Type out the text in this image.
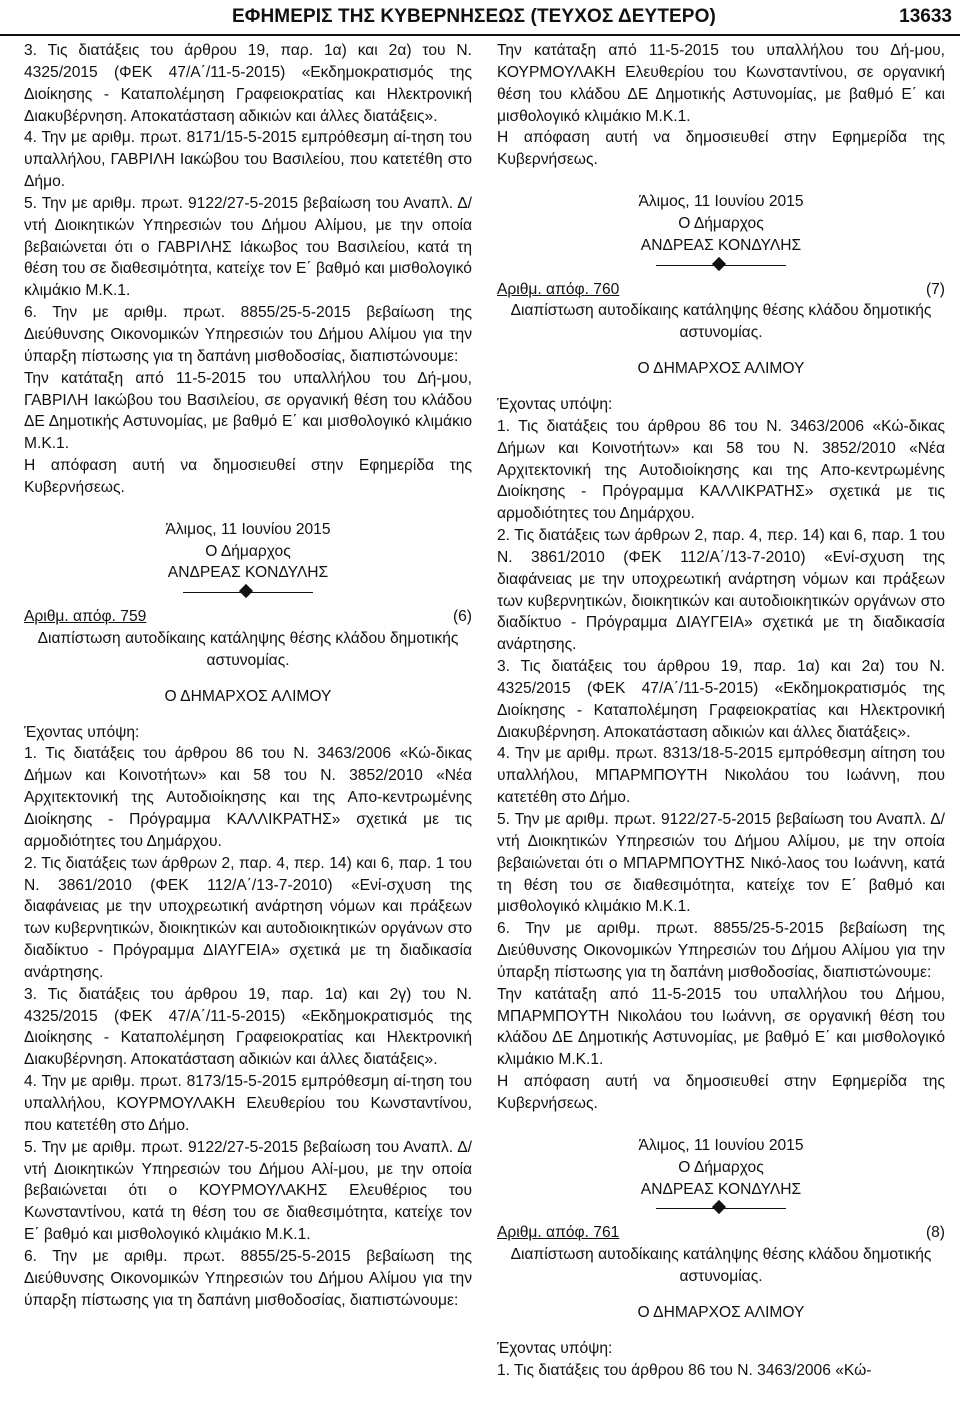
ΕΦΗΜΕΡΙΣ ΤΗΣ ΚΥΒΕΡΝΗΣΕΩΣ (ΤΕΥΧΟΣ ΔΕΥΤΕΡΟ)	13633

3. Τις διατάξεις του άρθρου 19, παρ. 1α) και 2α) του Ν. 4325/2015 (ΦΕΚ 47/Α΄/11-5-2015) «Εκδημοκρατισμός της Διοίκησης - Καταπολέμηση Γραφειοκρατίας και Ηλεκτρονική Διακυβέρνηση. Αποκατάσταση αδικιών και άλλες διατάξεις».

4. Την με αριθμ. πρωτ. 8171/15-5-2015 εμπρόθεσμη αί-τηση του υπαλλήλου, ΓΑΒΡΙΛΗ Ιακώβου του Βασιλείου, που κατετέθη στο Δήμο.

5. Την με αριθμ. πρωτ. 9122/27-5-2015 βεβαίωση του Αναπλ. Δ/ντή Διοικητικών Υπηρεσιών του Δήμου Αλίμου, με την οποία βεβαιώνεται ότι ο ΓΑΒΡΙΛΗΣ Ιάκωβος του Βασιλείου, κατά τη θέση του σε διαθεσιμότητα, κατείχε τον Ε΄ βαθμό και μισθολογικό κλιμάκιο Μ.Κ.1.

6. Την με αριθμ. πρωτ. 8855/25-5-2015 βεβαίωση της Διεύθυνσης Οικονομικών Υπηρεσιών του Δήμου Αλίμου για την ύπαρξη πίστωσης για τη δαπάνη μισθοδοσίας, διαπιστώνουμε:

Την κατάταξη από 11-5-2015 του υπαλλήλου του Δή-μου, ΓΑΒΡΙΛΗ Ιακώβου του Βασιλείου, σε οργανική θέση του κλάδου ΔΕ Δημοτικής Αστυνομίας, με βαθμό Ε΄ και μισθολογικό κλιμάκιο Μ.Κ.1.

Η απόφαση αυτή να δημοσιευθεί στην Εφημερίδα της Κυβερνήσεως.

Άλιμος, 11 Ιουνίου 2015

Ο Δήμαρχος

ΑΝΔΡΕΑΣ ΚΟΝΔΥΛΗΣ

Αριθμ. απόφ. 759	(6)

Διαπίστωση αυτοδίκαιης κατάληψης θέσης κλάδου δημοτικής αστυνομίας.

Ο ΔΗΜΑΡΧΟΣ ΑΛΙΜΟΥ

Έχοντας υπόψη:

1. Τις διατάξεις του άρθρου 86 του Ν. 3463/2006 «Κώ-δικας Δήμων και Κοινοτήτων» και 58 του Ν. 3852/2010 «Νέα Αρχιτεκτονική της Αυτοδιοίκησης και της Απο-κεντρωμένης Διοίκησης - Πρόγραμμα ΚΑΛΛΙΚΡΑΤΗΣ» σχετικά με τις αρμοδιότητες του Δημάρχου.

2. Τις διατάξεις των άρθρων 2, παρ. 4, περ. 14) και 6, παρ. 1 του Ν. 3861/2010 (ΦΕΚ 112/Α΄/13-7-2010) «Ενί-σχυση της διαφάνειας με την υποχρεωτική ανάρτηση νόμων και πράξεων των κυβερνητικών, διοικητικών και αυτοδιοικητικών οργάνων στο διαδίκτυο - Πρόγραμμα ΔΙΑΥΓΕΙΑ» σχετικά με τη διαδικασία ανάρτησης.

3. Τις διατάξεις του άρθρου 19, παρ. 1α) και 2γ) του Ν. 4325/2015 (ΦΕΚ 47/Α΄/11-5-2015) «Εκδημοκρατισμός της Διοίκησης - Καταπολέμηση Γραφειοκρατίας και Ηλεκτρονική Διακυβέρνηση. Αποκατάσταση αδικιών και άλλες διατάξεις».

4. Την με αριθμ. πρωτ. 8173/15-5-2015 εμπρόθεσμη αί-τηση του υπαλλήλου, ΚΟΥΡΜΟΥΛΑΚΗ Ελευθερίου του Κωνσταντίνου, που κατετέθη στο Δήμο.

5. Την με αριθμ. πρωτ. 9122/27-5-2015 βεβαίωση του Αναπλ. Δ/ντή Διοικητικών Υπηρεσιών του Δήμου Αλί-μου, με την οποία βεβαιώνεται ότι ο ΚΟΥΡΜΟΥΛΑΚΗΣ Ελευθέριος του Κωνσταντίνου, κατά τη θέση του σε διαθεσιμότητα, κατείχε τον Ε΄ βαθμό και μισθολογικό κλιμάκιο Μ.Κ.1.

6. Την με αριθμ. πρωτ. 8855/25-5-2015 βεβαίωση της Διεύθυνσης Οικονομικών Υπηρεσιών του Δήμου Αλίμου για την ύπαρξη πίστωσης για τη δαπάνη μισθοδοσίας, διαπιστώνουμε:

Την κατάταξη από 11-5-2015 του υπαλλήλου του Δή-μου, ΚΟΥΡΜΟΥΛΑΚΗ Ελευθερίου του Κωνσταντίνου, σε οργανική θέση του κλάδου ΔΕ Δημοτικής Αστυνομίας, με βαθμό Ε΄ και μισθολογικό κλιμάκιο Μ.Κ.1.

Η απόφαση αυτή να δημοσιευθεί στην Εφημερίδα της Κυβερνήσεως.

Άλιμος, 11 Ιουνίου 2015

Ο Δήμαρχος

ΑΝΔΡΕΑΣ ΚΟΝΔΥΛΗΣ

Αριθμ. απόφ. 760	(7)

Διαπίστωση αυτοδίκαιης κατάληψης θέσης κλάδου δημοτικής αστυνομίας.

Ο ΔΗΜΑΡΧΟΣ ΑΛΙΜΟΥ

Έχοντας υπόψη:

1. Τις διατάξεις του άρθρου 86 του Ν. 3463/2006 «Κώ-δικας Δήμων και Κοινοτήτων» και 58 του Ν. 3852/2010 «Νέα Αρχιτεκτονική της Αυτοδιοίκησης και της Απο-κεντρωμένης Διοίκησης - Πρόγραμμα ΚΑΛΛΙΚΡΑΤΗΣ» σχετικά με τις αρμοδιότητες του Δημάρχου.

2. Τις διατάξεις των άρθρων 2, παρ. 4, περ. 14) και 6, παρ. 1 του Ν. 3861/2010 (ΦΕΚ 112/Α΄/13-7-2010) «Ενί-σχυση της διαφάνειας με την υποχρεωτική ανάρτηση νόμων και πράξεων των κυβερνητικών, διοικητικών και αυτοδιοικητικών οργάνων στο διαδίκτυο - Πρόγραμμα ΔΙΑΥΓΕΙΑ» σχετικά με τη διαδικασία ανάρτησης.

3. Τις διατάξεις του άρθρου 19, παρ. 1α) και 2α) του Ν. 4325/2015 (ΦΕΚ 47/Α΄/11-5-2015) «Εκδημοκρατισμός της Διοίκησης - Καταπολέμηση Γραφειοκρατίας και Ηλεκτρονική Διακυβέρνηση. Αποκατάσταση αδικιών και άλλες διατάξεις».

4. Την με αριθμ. πρωτ. 8313/18-5-2015 εμπρόθεσμη αίτηση του υπαλλήλου, ΜΠΑΡΜΠΟΥΤΗ Νικολάου του Ιωάννη, που κατετέθη στο Δήμο.

5. Την με αριθμ. πρωτ. 9122/27-5-2015 βεβαίωση του Αναπλ. Δ/ντή Διοικητικών Υπηρεσιών του Δήμου Αλίμου, με την οποία βεβαιώνεται ότι ο ΜΠΑΡΜΠΟΥΤΗΣ Νικό-λαος του Ιωάννη, κατά τη θέση του σε διαθεσιμότητα, κατείχε τον Ε΄ βαθμό και μισθολογικό κλιμάκιο Μ.Κ.1.

6. Την με αριθμ. πρωτ. 8855/25-5-2015 βεβαίωση της Διεύθυνσης Οικονομικών Υπηρεσιών του Δήμου Αλίμου για την ύπαρξη πίστωσης για τη δαπάνη μισθοδοσίας, διαπιστώνουμε:

Την κατάταξη από 11-5-2015 του υπαλλήλου του Δήμου, ΜΠΑΡΜΠΟΥΤΗ Νικολάου του Ιωάννη, σε οργανική θέση του κλάδου ΔΕ Δημοτικής Αστυνομίας, με βαθμό Ε΄ και μισθολογικό κλιμάκιο Μ.Κ.1.

Η απόφαση αυτή να δημοσιευθεί στην Εφημερίδα της Κυβερνήσεως.

Άλιμος, 11 Ιουνίου 2015

Ο Δήμαρχος

ΑΝΔΡΕΑΣ ΚΟΝΔΥΛΗΣ

Αριθμ. απόφ. 761	(8)

Διαπίστωση αυτοδίκαιης κατάληψης θέσης κλάδου δημοτικής αστυνομίας.

Ο ΔΗΜΑΡΧΟΣ ΑΛΙΜΟΥ

Έχοντας υπόψη:

1. Τις διατάξεις του άρθρου 86 του Ν. 3463/2006 «Κώ-
